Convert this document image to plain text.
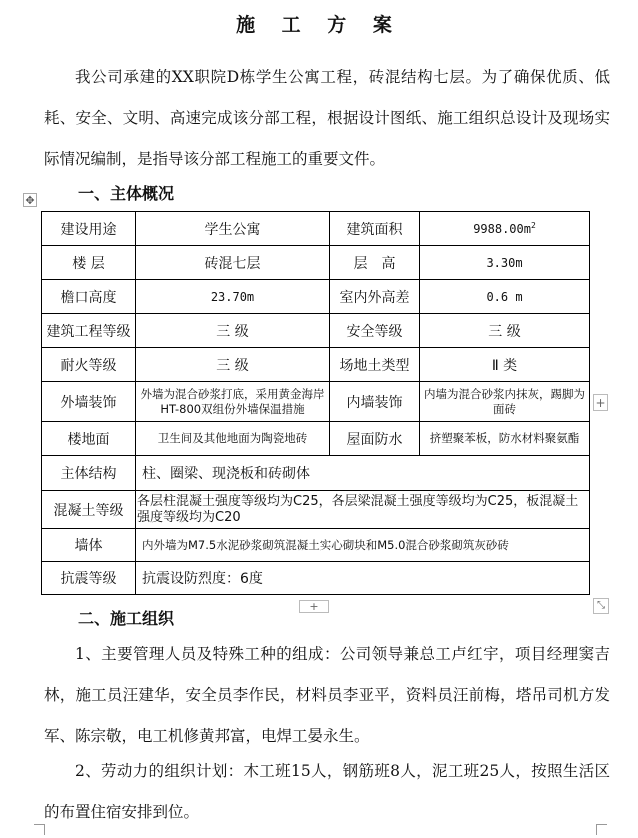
施 工 方 案

我公司承建的XX职院D栋学生公寓工程，砖混结构七层。为了确保优质、低耗、安全、文明、高速完成该分部工程，根据设计图纸、施工组织总设计及现场实际情况编制，是指导该分部工程施工的重要文件。

一、主体概况
✥
建设用途	学生公寓	建筑面积	$9988.00m^2$
楼 层	砖混七层	层　高	3.30m
檐口高度	23.70m	室内外高差	0.6 m
建筑工程等级	三 级	安全等级	三 级
耐火等级	三 级	场地土类型	Ⅱ 类
外墙装饰	外墙为混合砂浆打底，采用黄金海岸HT-800双组份外墙保温措施	内墙装饰	内墙为混合砂浆内抹灰，踢脚为面砖
楼地面	卫生间及其他地面为陶瓷地砖	屋面防水	挤塑聚苯板，防水材料聚氨酯
主体结构	柱、圈梁、现浇板和砖砌体		
混凝土等级	各层柱混凝土强度等级均为C25，各层梁混凝土强度等级均为C25，板混凝土强度等级均为C20		
墙体	内外墙为M7.5水泥砂浆砌筑混凝土实心砌块和M5.0混合砂浆砌筑灰砂砖		
抗震等级	抗震设防烈度：6度		
+
+	⤡
二、施工组织

1、主要管理人员及特殊工种的组成：公司领导兼总工卢红宇，项目经理窦吉林，施工员汪建华，安全员李作民，材料员李亚平，资料员汪前梅，塔吊司机方发军、陈宗敬，电工机修黄邦富，电焊工晏永生。

2、劳动力的组织计划：木工班15人，钢筋班8人，泥工班25人，按照生活区的布置住宿安排到位。
